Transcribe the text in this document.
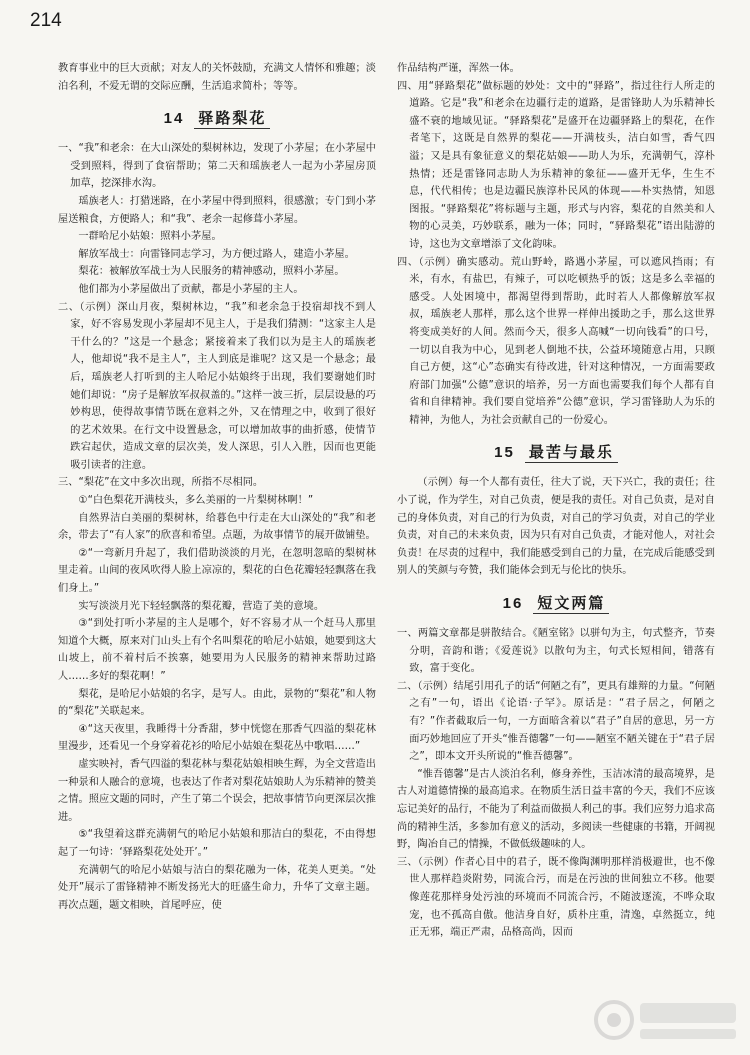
214

教育事业中的巨大贡献；对友人的关怀鼓励，充满文人情怀和雅趣；淡泊名利，不爱无谓的交际应酬，生活追求简朴；等等。

14 驿路梨花

一、“我”和老余：在大山深处的梨树林边，发现了小茅屋；在小茅屋中受到照料，得到了食宿帮助；第二天和瑶族老人一起为小茅屋房顶加草，挖深排水沟。

瑶族老人：打猎迷路，在小茅屋中得到照料，很感激；专门到小茅屋送粮食，方便路人；和“我”、老余一起修葺小茅屋。

一群哈尼小姑娘：照料小茅屋。

解放军战士：向雷锋同志学习，为方便过路人，建造小茅屋。

梨花：被解放军战士为人民服务的精神感动，照料小茅屋。

他们都为小茅屋做出了贡献，都是小茅屋的主人。

二、（示例）深山月夜，梨树林边，“我”和老余急于投宿却找不到人家，好不容易发现小茅屋却不见主人，于是我们猜测：“这家主人是干什么的？”这是一个悬念；紧接着来了我们以为是主人的瑶族老人，他却说“我不是主人”，主人到底是谁呢？这又是一个悬念；最后，瑶族老人打听到的主人哈尼小姑娘终于出现，我们要谢她们时她们却说：“房子是解放军叔叔盖的。”这样一波三折，层层设悬的巧妙构思，使得故事情节既在意料之外，又在情理之中，收到了很好的艺术效果。在行文中设置悬念，可以增加故事的曲折感，使情节跌宕起伏，造成文章的层次美，发人深思，引人入胜，因而也更能吸引读者的注意。

三、“梨花”在文中多次出现，所指不尽相同。

①“白色梨花开满枝头，多么美丽的一片梨树林啊！”

自然界洁白美丽的梨树林，给暮色中行走在大山深处的“我”和老余，带去了“有人家”的欣喜和希望。点题，为故事情节的展开做铺垫。

②“一弯新月升起了，我们借助淡淡的月光，在忽明忽暗的梨树林里走着。山间的夜风吹得人脸上凉凉的，梨花的白色花瓣轻轻飘落在我们身上。”

实写淡淡月光下轻轻飘落的梨花瓣，营造了美的意境。

③“到处打听小茅屋的主人是哪个，好不容易才从一个赶马人那里知道个大概，原来对门山头上有个名叫梨花的哈尼小姑娘，她要到这大山坡上，前不着村后不挨寨，她要用为人民服务的精神来帮助过路人……多好的梨花啊！”

梨花，是哈尼小姑娘的名字，是写人。由此，景物的“梨花”和人物的“梨花”关联起来。

④“这天夜里，我睡得十分香甜，梦中恍惚在那香气四溢的梨花林里漫步，还看见一个身穿着花衫的哈尼小姑娘在梨花丛中歌唱……”

虚实映衬，香气四溢的梨花林与梨花姑娘相映生辉，为全文营造出一种景和人融合的意境，也表达了作者对梨花姑娘助人为乐精神的赞美之情。照应文题的同时，产生了第二个误会，把故事情节向更深层次推进。

⑤“我望着这群充满朝气的哈尼小姑娘和那洁白的梨花，不由得想起了一句诗：‘驿路梨花处处开’。”

充满朝气的哈尼小姑娘与洁白的梨花融为一体，花美人更美。“处处开”展示了雷锋精神不断发扬光大的旺盛生命力，升华了文章主题。再次点题，题文相映，首尾呼应，使

作品结构严谨，浑然一体。

四、用“驿路梨花”做标题的妙处：文中的“驿路”，指过往行人所走的道路。它是“我”和老余在边疆行走的道路，是雷锋助人为乐精神长盛不衰的地域见证。“驿路梨花”是盛开在边疆驿路上的梨花，在作者笔下，这既是自然界的梨花——开满枝头，洁白如雪，香气四溢；又是具有象征意义的梨花姑娘——助人为乐，充满朝气，淳朴热情；还是雷锋同志助人为乐精神的象征——盛开无华，生生不息，代代相传；也是边疆民族淳朴民风的体现——朴实热情，知恩图报。“驿路梨花”将标题与主题，形式与内容，梨花的自然美和人物的心灵美，巧妙联系，融为一体；同时，“驿路梨花”语出陆游的诗，这也为文章增添了文化韵味。

四、（示例）确实感动。荒山野岭，路遇小茅屋，可以遮风挡雨；有米，有水，有盐巴，有辣子，可以吃顿热乎的饭；这是多么幸福的感受。人处困境中，都渴望得到帮助，此时若人人都像解放军叔叔，瑶族老人那样，那么这个世界一样伸出援助之手，那么这世界将变成美好的人间。然而今天，很多人高喊“一切向钱看”的口号，一切以自我为中心，见到老人倒地不扶，公益环境随意占用，只顾自己方便，这“心”态确实有待改进，针对这种情况，一方面需要政府部门加强“公德”意识的培养，另一方面也需要我们每个人都有自省和自律精神。我们要自觉培养“公德”意识，学习雷锋助人为乐的精神，为他人，为社会贡献自己的一份爱心。

15 最苦与最乐

（示例）每一个人都有责任，往大了说，天下兴亡，我的责任；往小了说，作为学生，对自己负责，便是我的责任。对自己负责，是对自己的身体负责，对自己的行为负责，对自己的学习负责，对自己的学业负责，对自己的未来负责，因为只有对自己负责，才能对他人，对社会负责！在尽责的过程中，我们能感受到自己的力量，在完成后能感受到别人的笑颜与夸赞，我们能体会到无与伦比的快乐。

16 短文两篇

一、两篇文章都是骈散结合。《陋室铭》以骈句为主，句式整齐，节奏分明，音韵和谐；《爱莲说》以散句为主，句式长短相间，错落有致，富于变化。

二、（示例）结尾引用孔子的话“何陋之有”，更具有雄辩的力量。“何陋之有”一句，语出《论语·子罕》。原话是：“君子居之，何陋之有？”作者截取后一句，一方面暗含着以“君子”自居的意思，另一方面巧妙地回应了开头“惟吾德馨”一句——陋室不陋关键在于“君子居之”，即本文开头所说的“惟吾德馨”。

“惟吾德馨”是古人淡泊名利，修身养性，玉洁冰清的最高境界，是古人对道德情操的最高追求。在物质生活日益丰富的今天，我们不应该忘记美好的品行，不能为了利益而做损人利己的事。我们应努力追求高尚的精神生活，多参加有意义的活动，多阅读一些健康的书籍，开阔视野，陶冶自己的情操，不做低级趣味的人。

三、（示例）作者心目中的君子，既不像陶渊明那样消极避世，也不像世人那样趋炎附势，同流合污，而是在污浊的世间独立不移。他要像莲花那样身处污浊的环境而不同流合污，不随波逐流，不哗众取宠，也不孤高自傲。他洁身自好，质朴庄重，清逸，卓然挺立，纯正无邪，端正严肃，品格高尚，因而
